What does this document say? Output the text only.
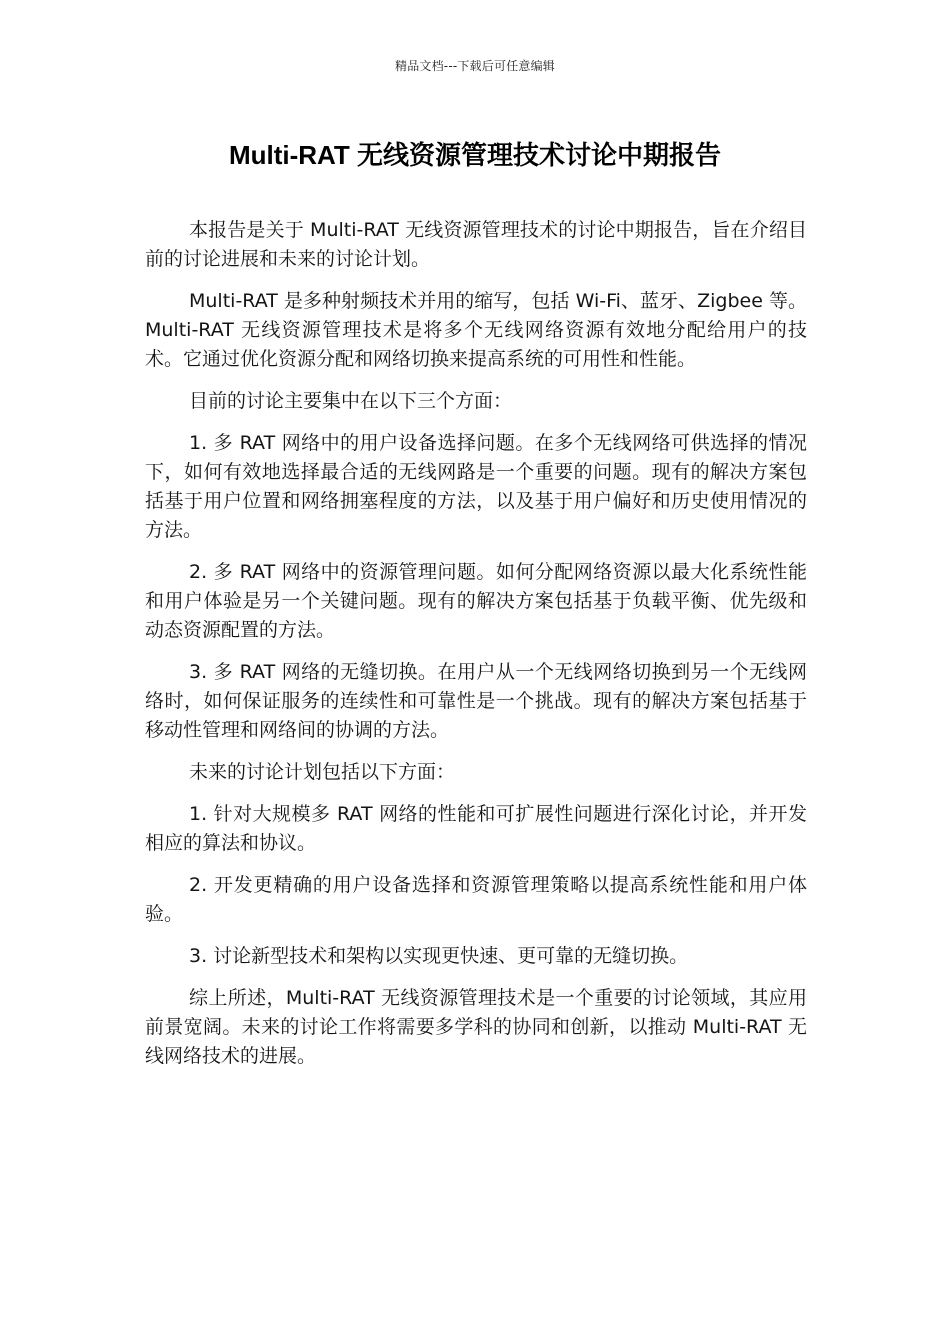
精品文档---下载后可任意编辑
Multi-RAT 无线资源管理技术讨论中期报告

本报告是关于 Multi-RAT 无线资源管理技术的讨论中期报告，旨在介绍目前的讨论进展和未来的讨论计划。

Multi-RAT 是多种射频技术并用的缩写，包括 Wi-Fi、蓝牙、Zigbee 等。Multi-RAT 无线资源管理技术是将多个无线网络资源有效地分配给用户的技术。它通过优化资源分配和网络切换来提高系统的可用性和性能。

目前的讨论主要集中在以下三个方面：

1. 多 RAT 网络中的用户设备选择问题。在多个无线网络可供选择的情况下，如何有效地选择最合适的无线网路是一个重要的问题。现有的解决方案包括基于用户位置和网络拥塞程度的方法，以及基于用户偏好和历史使用情况的方法。

2. 多 RAT 网络中的资源管理问题。如何分配网络资源以最大化系统性能和用户体验是另一个关键问题。现有的解决方案包括基于负载平衡、优先级和动态资源配置的方法。

3. 多 RAT 网络的无缝切换。在用户从一个无线网络切换到另一个无线网络时，如何保证服务的连续性和可靠性是一个挑战。现有的解决方案包括基于移动性管理和网络间的协调的方法。

未来的讨论计划包括以下方面：

1. 针对大规模多 RAT 网络的性能和可扩展性问题进行深化讨论，并开发相应的算法和协议。

2. 开发更精确的用户设备选择和资源管理策略以提高系统性能和用户体验。

3. 讨论新型技术和架构以实现更快速、更可靠的无缝切换。

综上所述，Multi-RAT 无线资源管理技术是一个重要的讨论领域，其应用前景宽阔。未来的讨论工作将需要多学科的协同和创新，以推动 Multi-RAT 无线网络技术的进展。
